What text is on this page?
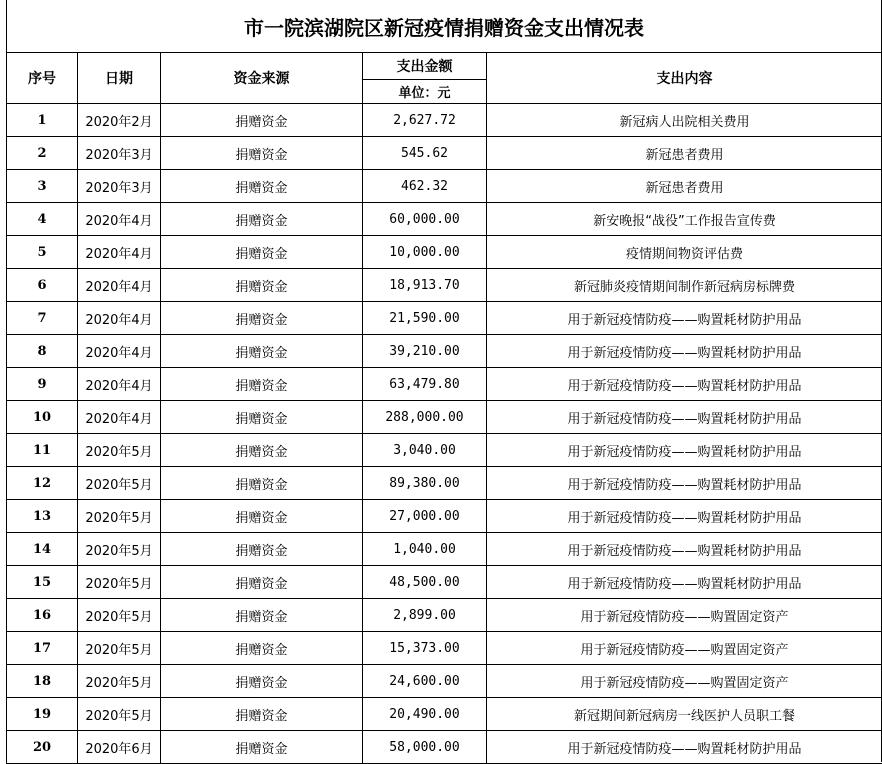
市一院滨湖院区新冠疫情捐赠资金支出情况表
序号	日期	资金来源	支出金额	支出内容
			单位：元	
1	2020年2月	捐赠资金	2,627.72	新冠病人出院相关费用
2	2020年3月	捐赠资金	545.62	新冠患者费用
3	2020年3月	捐赠资金	462.32	新冠患者费用
4	2020年4月	捐赠资金	60,000.00	新安晚报“战役”工作报告宣传费
5	2020年4月	捐赠资金	10,000.00	疫情期间物资评估费
6	2020年4月	捐赠资金	18,913.70	新冠肺炎疫情期间制作新冠病房标牌费
7	2020年4月	捐赠资金	21,590.00	用于新冠疫情防疫——购置耗材防护用品
8	2020年4月	捐赠资金	39,210.00	用于新冠疫情防疫——购置耗材防护用品
9	2020年4月	捐赠资金	63,479.80	用于新冠疫情防疫——购置耗材防护用品
10	2020年4月	捐赠资金	288,000.00	用于新冠疫情防疫——购置耗材防护用品
11	2020年5月	捐赠资金	3,040.00	用于新冠疫情防疫——购置耗材防护用品
12	2020年5月	捐赠资金	89,380.00	用于新冠疫情防疫——购置耗材防护用品
13	2020年5月	捐赠资金	27,000.00	用于新冠疫情防疫——购置耗材防护用品
14	2020年5月	捐赠资金	1,040.00	用于新冠疫情防疫——购置耗材防护用品
15	2020年5月	捐赠资金	48,500.00	用于新冠疫情防疫——购置耗材防护用品
16	2020年5月	捐赠资金	2,899.00	用于新冠疫情防疫——购置固定资产
17	2020年5月	捐赠资金	15,373.00	用于新冠疫情防疫——购置固定资产
18	2020年5月	捐赠资金	24,600.00	用于新冠疫情防疫——购置固定资产
19	2020年5月	捐赠资金	20,490.00	新冠期间新冠病房一线医护人员职工餐
20	2020年6月	捐赠资金	58,000.00	用于新冠疫情防疫——购置耗材防护用品
